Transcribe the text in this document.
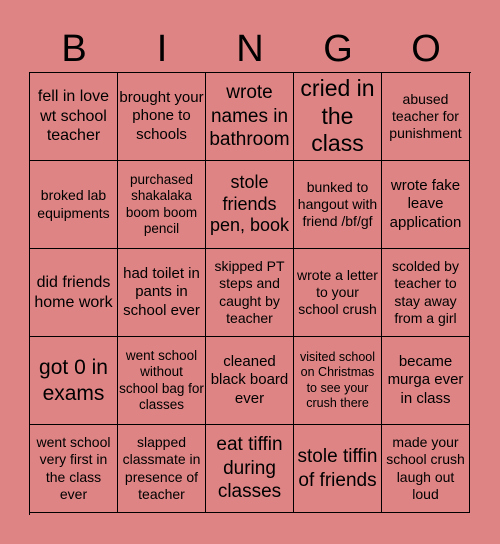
B	I	N	G	O
fell in love wt school teacher
brought your phone to schools
wrote names in bathroom
cried in the class
abused teacher for punishment
broked lab equipments
purchased shakalaka boom boom pencil
stole friends pen, book
bunked to hangout with friend /bf/gf
wrote fake leave application
did friends home work
had toilet in pants in school ever
skipped PT steps and caught by teacher
wrote a letter to your school crush
scolded by teacher to stay away from a girl
got 0 in exams
went school without school bag for classes
cleaned black board ever
visited school on Christmas to see your crush there
became murga ever in class
went school very first in the class ever
slapped classmate in presence of teacher
eat tiffin during classes
stole tiffin of friends
made your school crush laugh out loud
